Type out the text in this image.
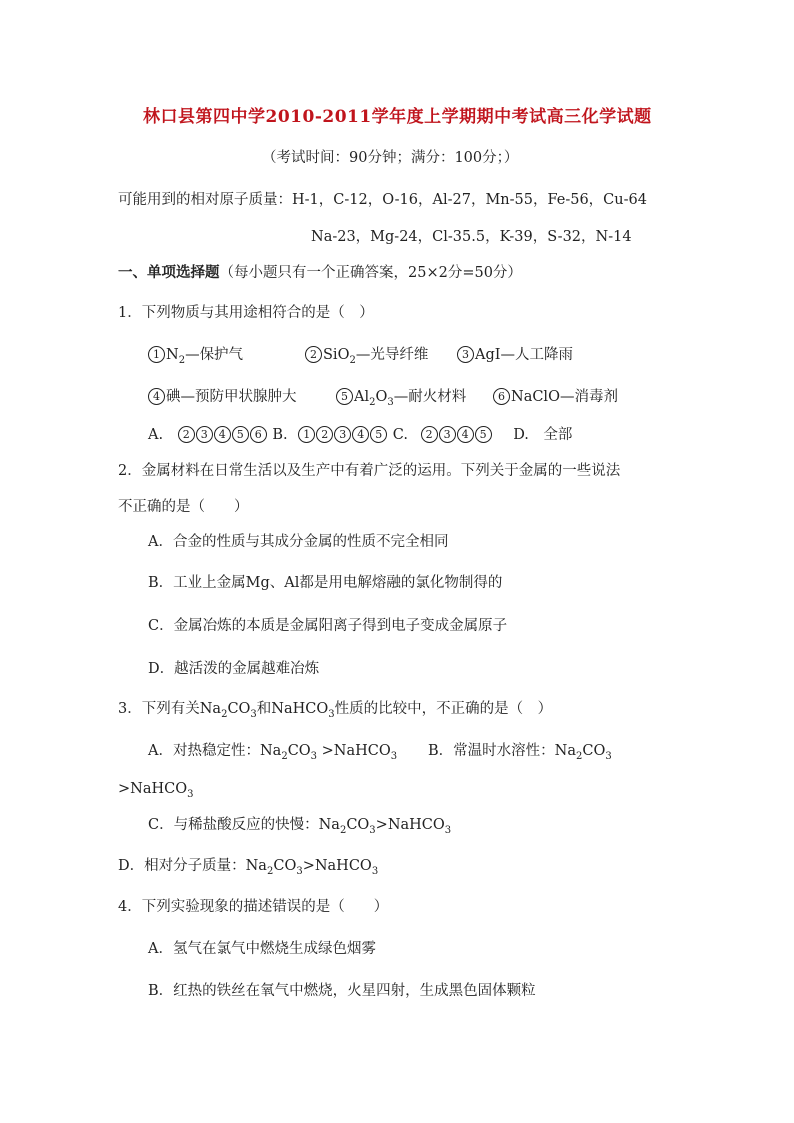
林口县第四中学2010-2011学年度上学期期中考试高三化学试题
（考试时间：90分钟；满分：100分；）
可能用到的相对原子质量：H-1，C-12，O-16，Al-27，Mn-55，Fe-56，Cu-64
Na-23，Mg-24，Cl-35.5，K-39，S-32，N-14
一、单项选择题（每小题只有一个正确答案，25×2分=50分）
1．下列物质与其用途相符合的是（　）
1 $N_2—$保护气	2 SiO$_2$—光导纤维	3 AgI—人工降雨
4 碘—预防甲状腺肿大	5 $Al_2O_3—$耐火材料	6 NaClO—消毒剂
A. 2 3 4 5 6 B. 1 2 3 4 5 C. 2 3 4 5 D.　全部
2．金属材料在日常生活以及生产中有着广泛的运用。下列关于金属的一些说法
不正确的是（　　）
A．合金的性质与其成分金属的性质不完全相同
B．工业上金属Mg、Al都是用电解熔融的氯化物制得的
C．金属冶炼的本质是金属阳离子得到电子变成金属原子
D．越活泼的金属越难冶炼
3．下列有关$Na_2CO_3$和NaHCO$_3$性质的比较中，不正确的是（　）
A．对热稳定性：$Na_2CO_3$ >NaHCO$_3$ B．常温时水溶性：$Na_2CO_3$
>NaHCO$_3$
C．与稀盐酸反应的快慢：$Na_2CO_3>NaHCO_3$
D．相对分子质量：$Na_2CO_3>NaHCO_3$
4．下列实验现象的描述错误的是（　　）
A．氢气在氯气中燃烧生成绿色烟雾
B．红热的铁丝在氧气中燃烧，火星四射，生成黑色固体颗粒
